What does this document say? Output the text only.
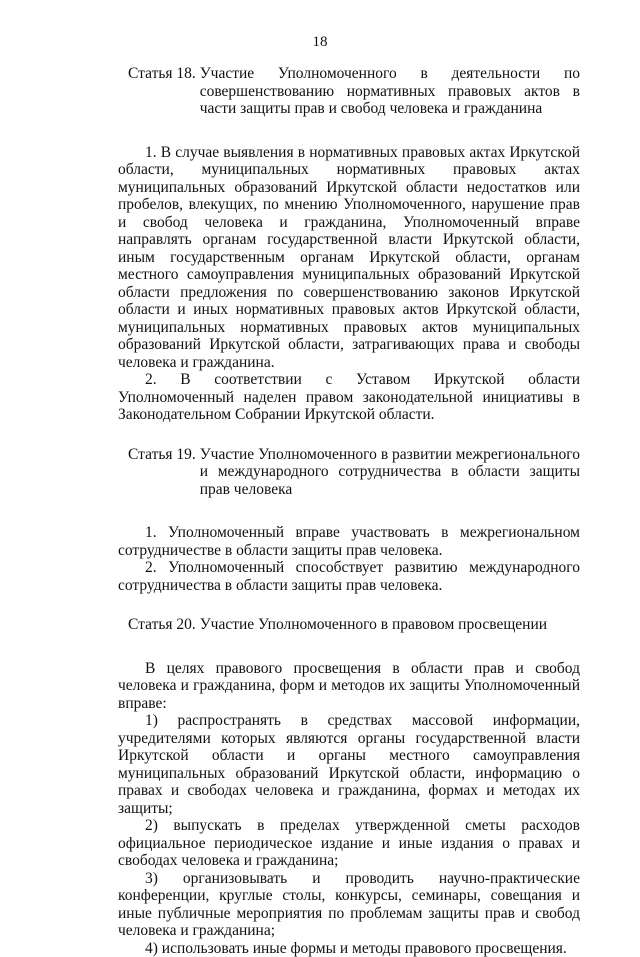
18
Статья 18. Участие Уполномоченного в деятельности по совершенствованию нормативных правовых актов в части защиты прав и свобод человека и гражданина

1. В случае выявления в нормативных правовых актах Иркутской области, муниципальных нормативных правовых актах муниципальных образований Иркутской области недостатков или пробелов, влекущих, по мнению Уполномоченного, нарушение прав и свобод человека и гражданина, Уполномоченный вправе направлять органам государственной власти Иркутской области, иным государственным органам Иркутской области, органам местного самоуправления муниципальных образований Иркутской области предложения по совершенствованию законов Иркутской области и иных нормативных правовых актов Иркутской области, муниципальных нормативных правовых актов муниципальных образований Иркутской области, затрагивающих права и свободы человека и гражданина.

2. В соответствии с Уставом Иркутской области Уполномоченный наделен правом законодательной инициативы в Законодательном Собрании Иркутской области.

Статья 19. Участие Уполномоченного в развитии межрегионального и международного сотрудничества в области защиты прав человека

1. Уполномоченный вправе участвовать в межрегиональном сотрудничестве в области защиты прав человека.

2. Уполномоченный способствует развитию международного сотрудничества в области защиты прав человека.

Статья 20. Участие Уполномоченного в правовом просвещении

В целях правового просвещения в области прав и свобод человека и гражданина, форм и методов их защиты Уполномоченный вправе:

1) распространять в средствах массовой информации, учредителями которых являются органы государственной власти Иркутской области и органы местного самоуправления муниципальных образований Иркутской области, информацию о правах и свободах человека и гражданина, формах и методах их защиты;

2) выпускать в пределах утвержденной сметы расходов официальное периодическое издание и иные издания о правах и свободах человека и гражданина;

3) организовывать и проводить научно-практические конференции, круглые столы, конкурсы, семинары, совещания и иные публичные мероприятия по проблемам защиты прав и свобод человека и гражданина;

4) использовать иные формы и методы правового просвещения.
